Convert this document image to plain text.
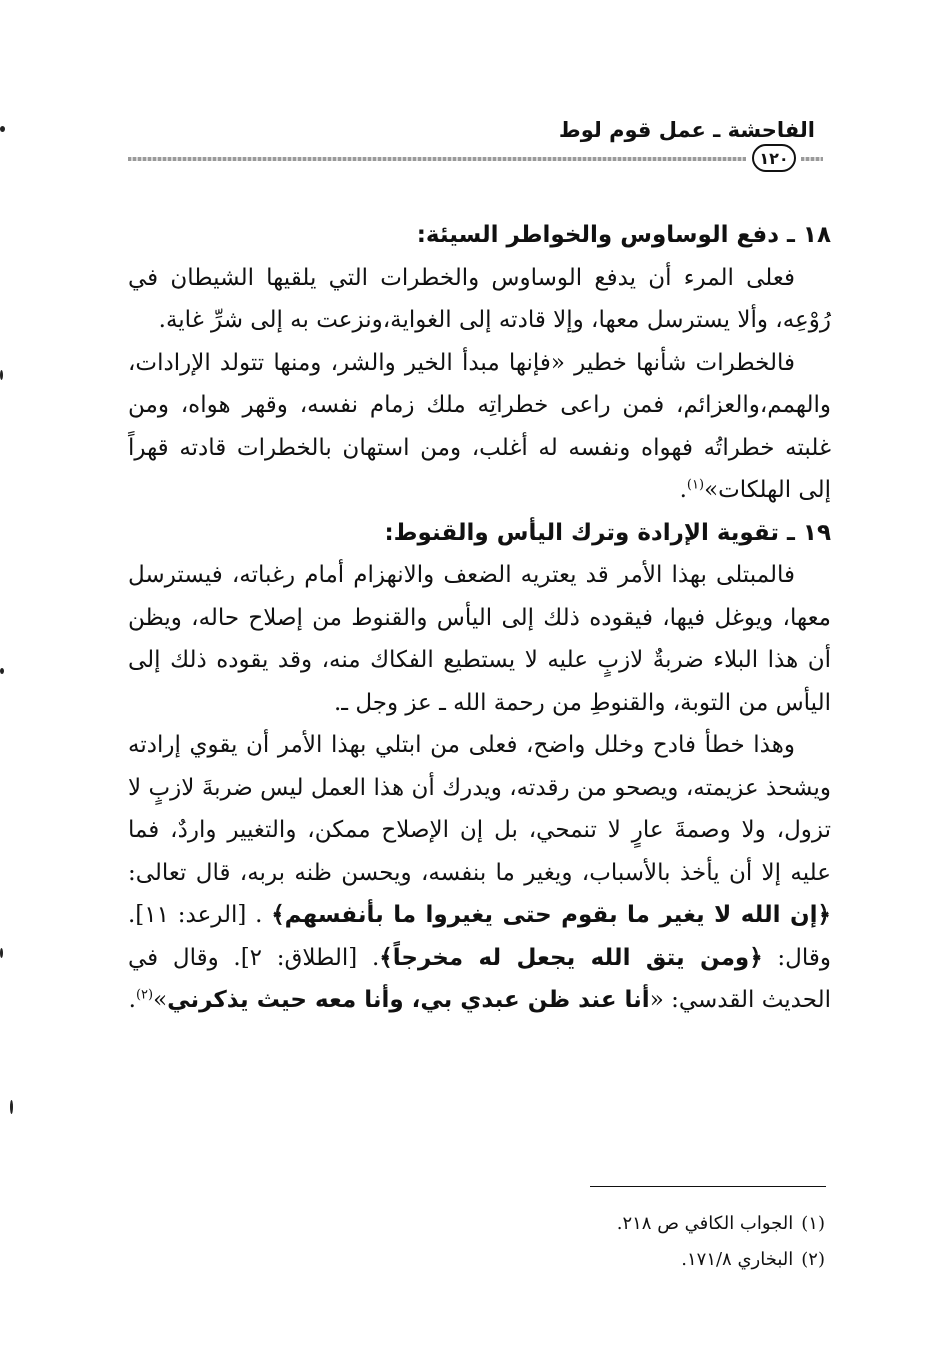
الفاحشة ـ عمل قوم لوط
١٢٠

١٨ ـ دفع الوساوس والخواطر السيئة:

فعلى المرء أن يدفع الوساوس والخطرات التي يلقيها الشيطان في رُوْعِه، وألا يسترسل معها، وإلا قادته إلى الغواية،ونزعت به إلى شرِّ غاية.

فالخطرات شأنها خطير «فإنها مبدأ الخير والشر، ومنها تتولد الإرادات، والهمم،والعزائم، فمن راعى خطراتِه ملك زمام نفسه، وقهر هواه، ومن غلبته خطراتُه فهواه ونفسه له أغلب، ومن استهان بالخطرات قادته قهراً إلى الهلكات»$^{(١)}$.

١٩ ـ تقوية الإرادة وترك اليأس والقنوط:

فالمبتلى بهذا الأمر قد يعتريه الضعف والانهزام أمام رغباته، فيسترسل معها، ويوغل فيها، فيقوده ذلك إلى اليأس والقنوط من إصلاح حاله، ويظن أن هذا البلاء ضربةٌ لازبٍ عليه لا يستطيع الفكاك منه، وقد يقوده ذلك إلى اليأس من التوبة، والقنوطِ من رحمة الله ـ عز وجل ـ.

وهذا خطأ فادح وخلل واضح، فعلى من ابتلي بهذا الأمر أن يقوي إرادته ويشحذ عزيمته، ويصحو من رقدته، ويدرك أن هذا العمل ليس ضربةَ لازبٍ لا تزول، ولا وصمةَ عارٍ لا تنمحي، بل إن الإصلاح ممكن، والتغيير واردٌ، فما عليه إلا أن يأخذ بالأسباب، ويغير ما بنفسه، ويحسن ظنه بربه، قال تعالى: ﴿إن الله لا يغير ما بقوم حتى يغيروا ما بأنفسهم﴾ . [الرعد: ١١]. وقال: ﴿ومن يتق الله يجعل له مخرجاً﴾. [الطلاق: ٢]. وقال في الحديث القدسي: «أنا عند ظن عبدي بي، وأنا معه حيث يذكرني»$^{(٢)}$.

(١)الجواب الكافي ص ٢١٨.

(٢)البخاري ١٧١/٨.
